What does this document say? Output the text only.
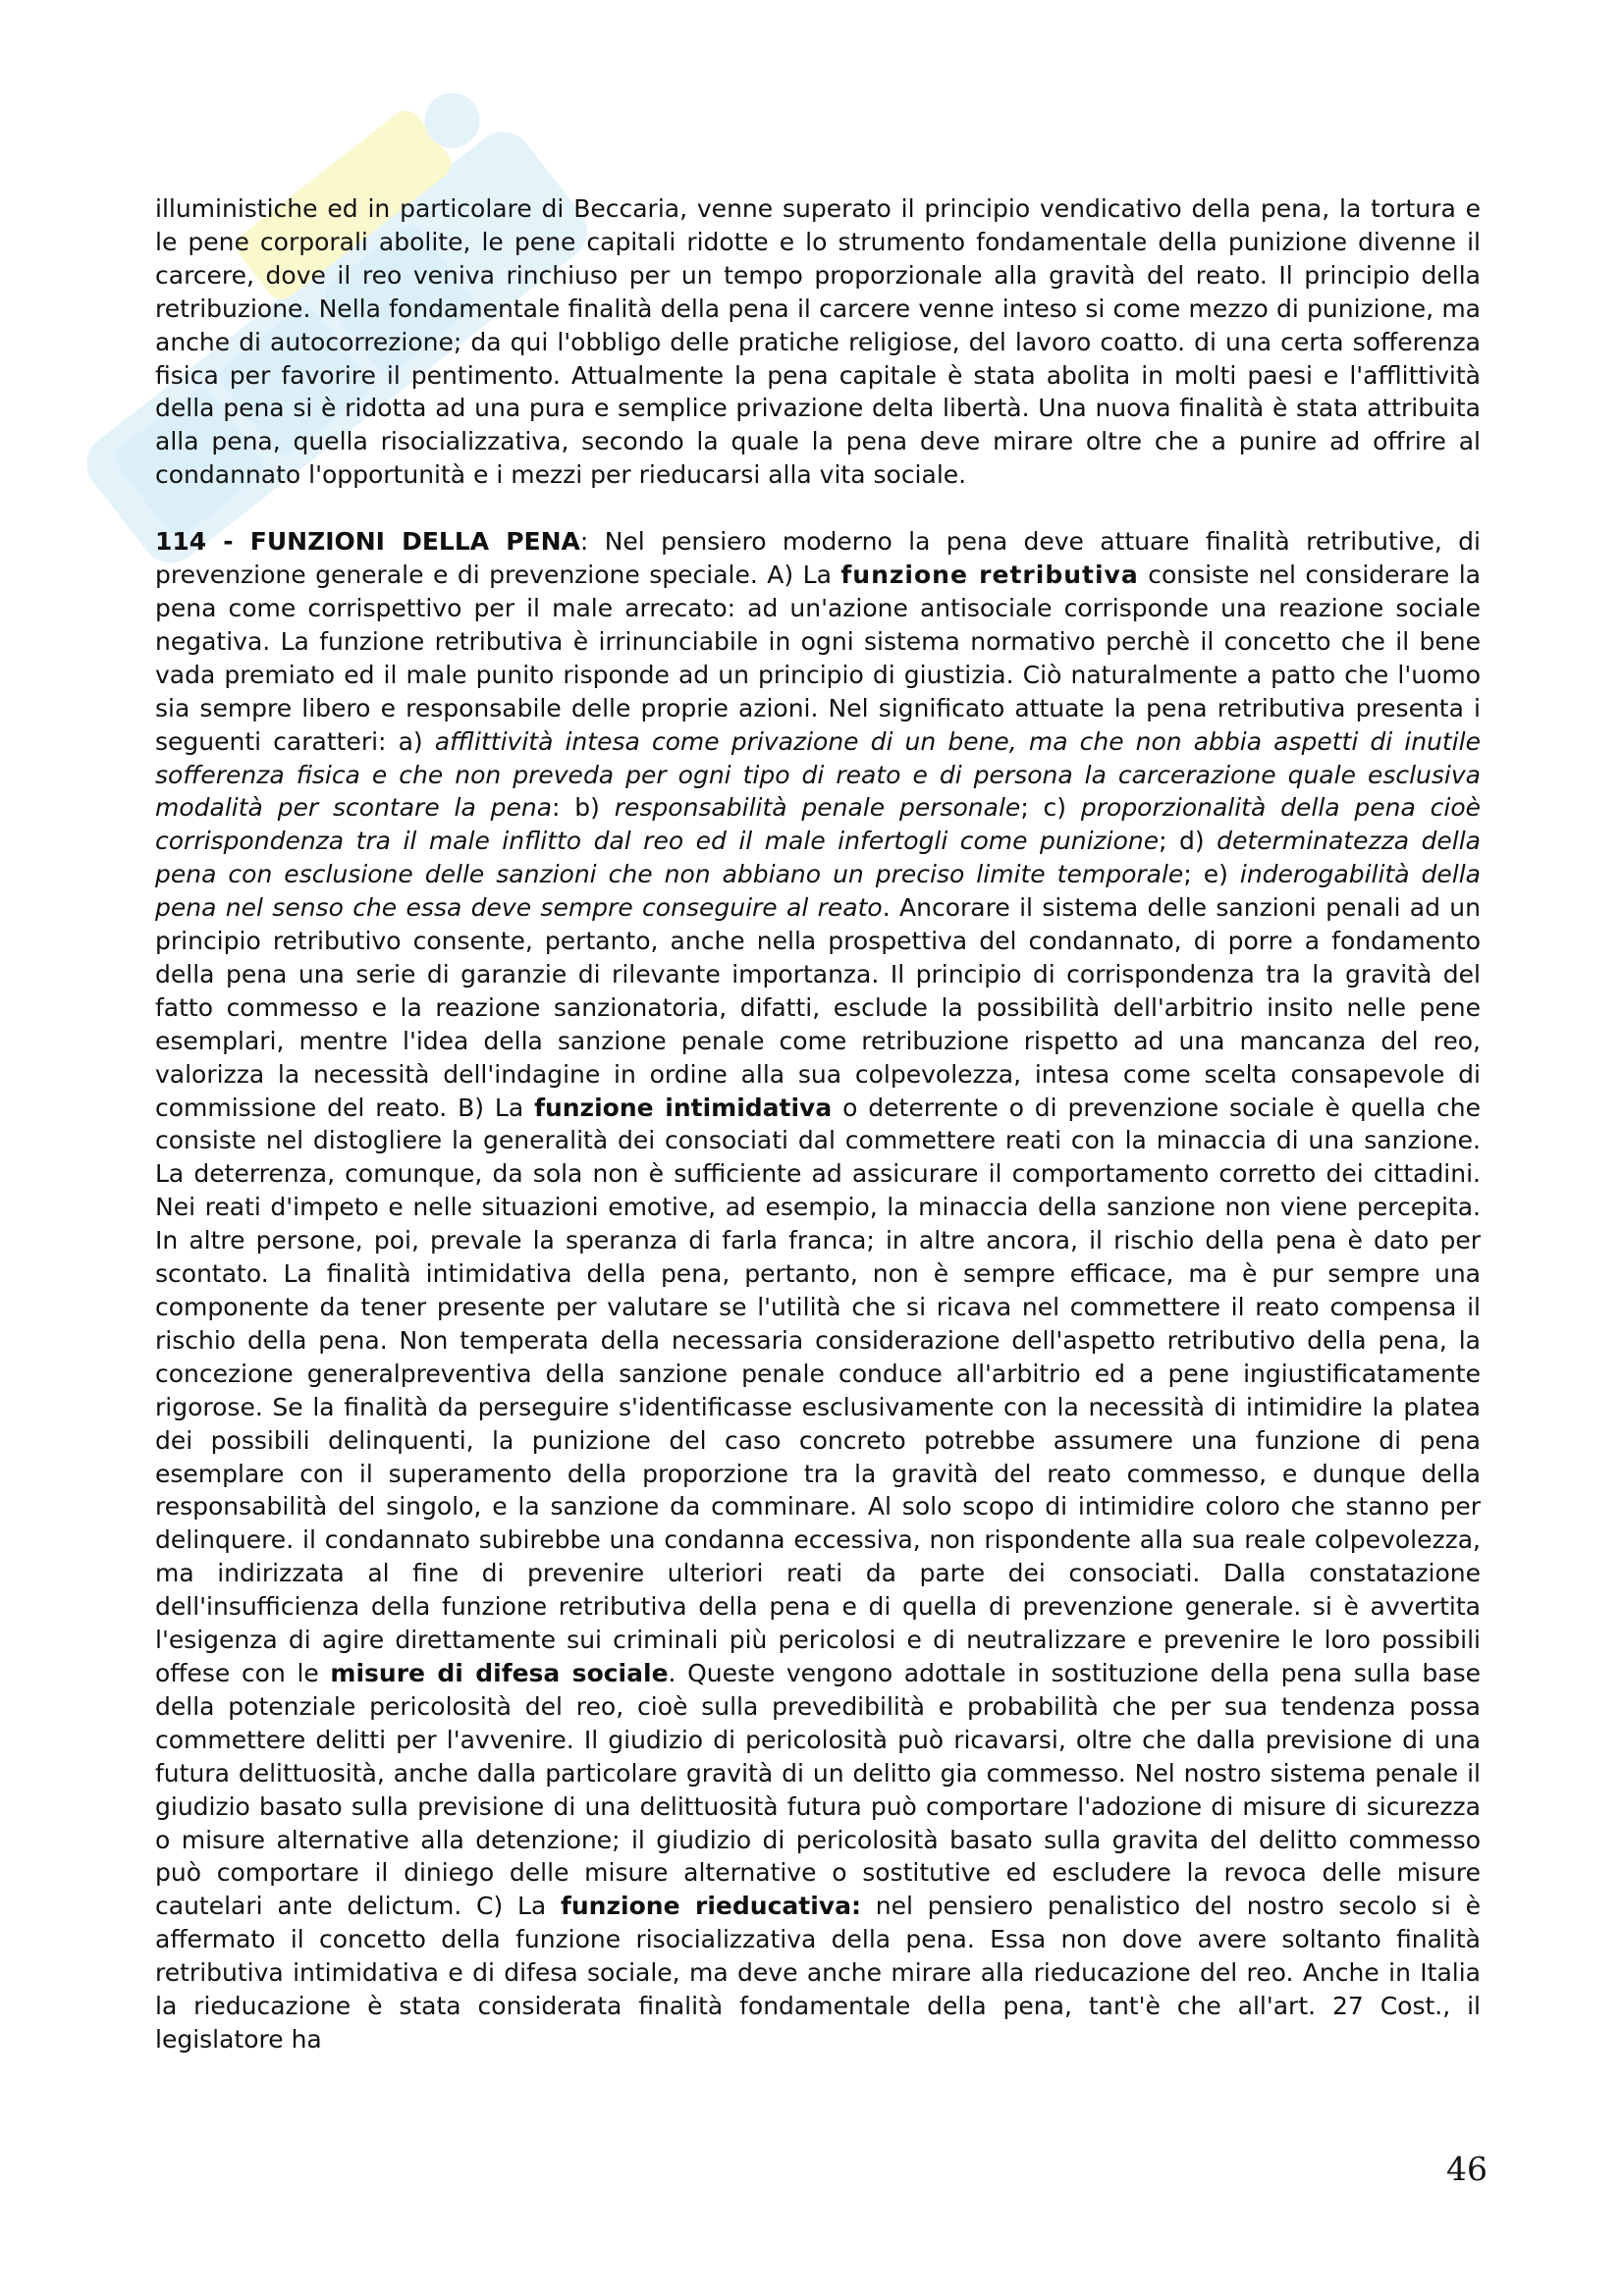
illuministiche ed in particolare di Beccaria, venne superato il principio vendicativo della pena, la tortura e le pene corporali abolite, le pene capitali ridotte e lo strumento fondamentale della punizione divenne il carcere, dove il reo veniva rinchiuso per un tempo proporzionale alla gravità del reato. Il principio della retribuzione. Nella fondamentale finalità della pena il carcere venne inteso si come mezzo di punizione, ma anche di autocorrezione; da qui l'obbligo delle pratiche religiose, del lavoro coatto. di una certa sofferenza fisica per favorire il pentimento. Attualmente la pena capitale è stata abolita in molti paesi e l'afflittività della pena si è ridotta ad una pura e semplice privazione delta libertà. Una nuova finalità è stata attribuita alla pena, quella risocializzativa, secondo la quale la pena deve mirare oltre che a punire ad offrire al condannato l'opportunità e i mezzi per rieducarsi alla vita sociale.

114 - FUNZIONI DELLA PENA: Nel pensiero moderno la pena deve attuare finalità retributive, di prevenzione generale e di prevenzione speciale. A) La funzione retributiva consiste nel considerare la pena come corrispettivo per il male arrecato: ad un'azione antisociale corrisponde una reazione sociale negativa. La funzione retributiva è irrinunciabile in ogni sistema normativo perchè il concetto che il bene vada premiato ed il male punito risponde ad un principio di giustizia. Ciò naturalmente a patto che l'uomo sia sempre libero e responsabile delle proprie azioni. Nel significato attuate la pena retributiva presenta i seguenti caratteri: a) afflittività intesa come privazione di un bene, ma che non abbia aspetti di inutile sofferenza fisica e che non preveda per ogni tipo di reato e di persona la carcerazione quale esclusiva modalità per scontare la pena: b) responsabilità penale personale; c) proporzionalità della pena cioè corrispondenza tra il male inflitto dal reo ed il male infertogli come punizione; d) determinatezza della pena con esclusione delle sanzioni che non abbiano un preciso limite temporale; e) inderogabilità della pena nel senso che essa deve sempre conseguire al reato. Ancorare il sistema delle sanzioni penali ad un principio retributivo consente, pertanto, anche nella prospettiva del condannato, di porre a fondamento della pena una serie di garanzie di rilevante importanza. Il principio di corrispondenza tra la gravità del fatto commesso e la reazione sanzionatoria, difatti, esclude la possibilità dell'arbitrio insito nelle pene esemplari, mentre l'idea della sanzione penale come retribuzione rispetto ad una mancanza del reo, valorizza la necessità dell'indagine in ordine alla sua colpevolezza, intesa come scelta consapevole di commissione del reato. B) La funzione intimidativa o deterrente o di prevenzione sociale è quella che consiste nel distogliere la generalità dei consociati dal commettere reati con la minaccia di una sanzione. La deterrenza, comunque, da sola non è sufficiente ad assicurare il comportamento corretto dei cittadini. Nei reati d'impeto e nelle situazioni emotive, ad esempio, la minaccia della sanzione non viene percepita. In altre persone, poi, prevale la speranza di farla franca; in altre ancora, il rischio della pena è dato per scontato. La finalità intimidativa della pena, pertanto, non è sempre efficace, ma è pur sempre una componente da tener presente per valutare se l'utilità che si ricava nel commettere il reato compensa il rischio della pena. Non temperata della necessaria considerazione dell'aspetto retributivo della pena, la concezione generalpreventiva della sanzione penale conduce all'arbitrio ed a pene ingiustificatamente rigorose. Se la finalità da perseguire s'identificasse esclusivamente con la necessità di intimidire la platea dei possibili delinquenti, la punizione del caso concreto potrebbe assumere una funzione di pena esemplare con il superamento della proporzione tra la gravità del reato commesso, e dunque della responsabilità del singolo, e la sanzione da comminare. Al solo scopo di intimidire coloro che stanno per delinquere. il condannato subirebbe una condanna eccessiva, non rispondente alla sua reale colpevolezza, ma indirizzata al fine di prevenire ulteriori reati da parte dei consociati. Dalla constatazione dell'insufficienza della funzione retributiva della pena e di quella di prevenzione generale. si è avvertita l'esigenza di agire direttamente sui criminali più pericolosi e di neutralizzare e prevenire le loro possibili offese con le misure di difesa sociale. Queste vengono adottale in sostituzione della pena sulla base della potenziale pericolosità del reo, cioè sulla prevedibilità e probabilità che per sua tendenza possa commettere delitti per l'avvenire. Il giudizio di pericolosità può ricavarsi, oltre che dalla previsione di una futura delittuosità, anche dalla particolare gravità di un delitto gia commesso. Nel nostro sistema penale il giudizio basato sulla previsione di una delittuosità futura può comportare l'adozione di misure di sicurezza o misure alternative alla detenzione; il giudizio di pericolosità basato sulla gravita del delitto commesso può comportare il diniego delle misure alternative o sostitutive ed escludere la revoca delle misure cautelari ante delictum. C) La funzione rieducativa: nel pensiero penalistico del nostro secolo si è affermato il concetto della funzione risocializzativa della pena. Essa non dove avere soltanto finalità retributiva intimidativa e di difesa sociale, ma deve anche mirare alla rieducazione del reo. Anche in Italia la rieducazione è stata considerata finalità fondamentale della pena, tant'è che all'art. 27 Cost., il legislatore ha

46
